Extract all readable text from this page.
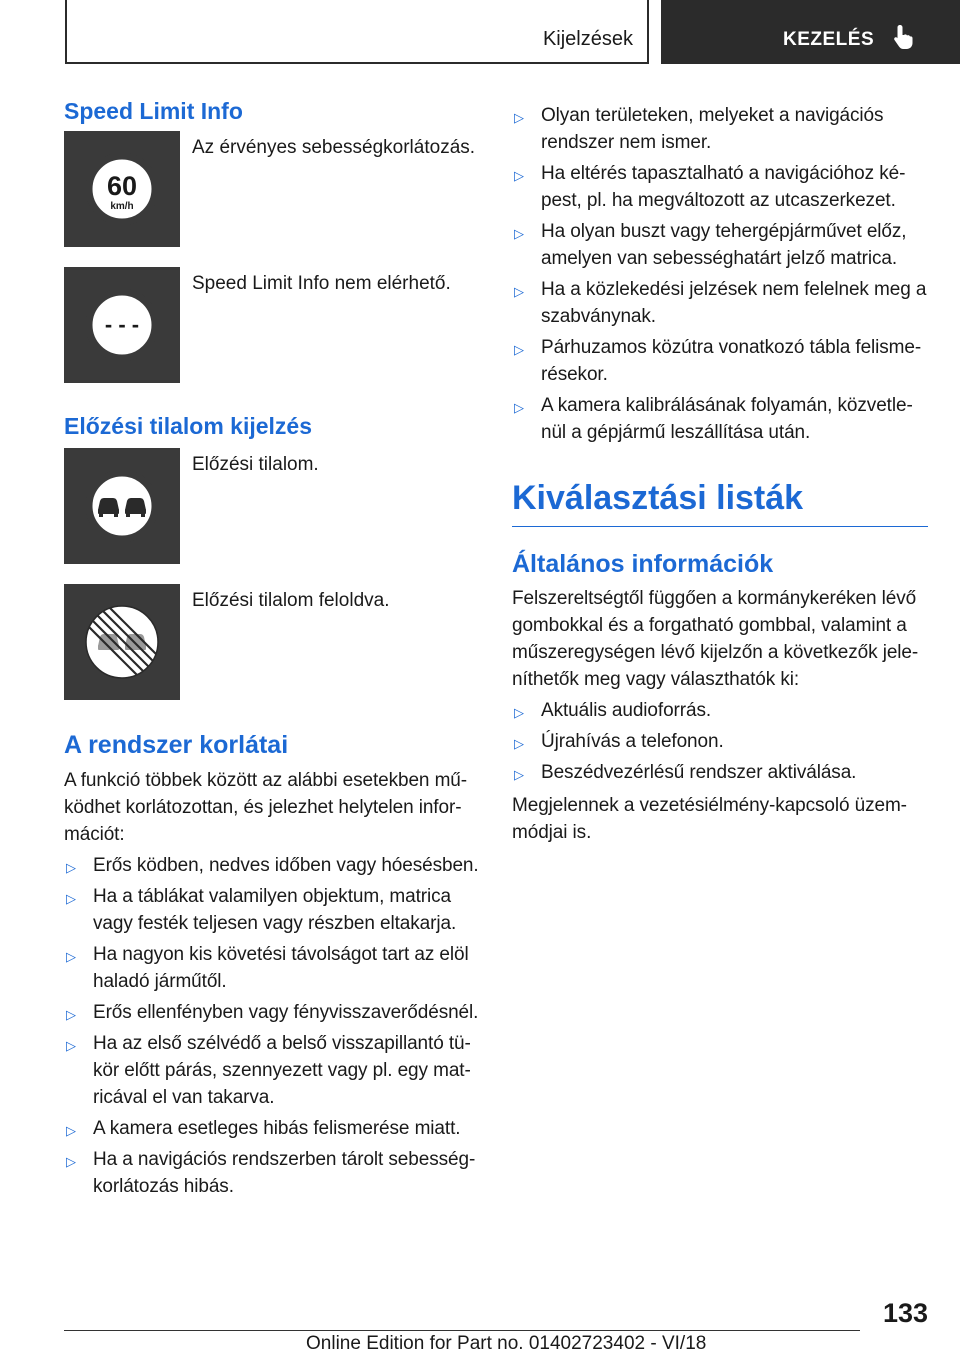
Kijelzések	KEZELÉS
Speed Limit Info
60
km/h
Az érvényes sebességkorlátozás.
- - -
Speed Limit Info nem elérhető.
Előzési tilalom kijelzés
Előzési tilalom.
Előzési tilalom feloldva.
A rendszer korlátai

A funkció többek között az alábbi esetekben működhet korlátozottan, és jelezhet helytelen információt:

▷ Erős ködben, nedves időben vagy hóesésben.
▷ Ha a táblákat valamilyen objektum, matrica vagy festék teljesen vagy részben eltakarja.
▷ Ha nagyon kis követési távolságot tart az elöl haladó járműtől.
▷ Erős ellenfényben vagy fényvisszaverődésnél.
▷ Ha az első szélvédő a belső visszapillantó tükör előtt párás, szennyezett vagy pl. egy matricával el van takarva.
▷ A kamera esetleges hibás felismerése miatt.
▷ Ha a navigációs rendszerben tárolt sebességkorlátozás hibás.
▷ Olyan területeken, melyeket a navigációs rendszer nem ismer.
▷ Ha eltérés tapasztalható a navigációhoz képest, pl. ha megváltozott az utcaszerkezet.
▷ Ha olyan buszt vagy tehergépjárművet előz, amelyen van sebességhatárt jelző matrica.
▷ Ha a közlekedési jelzések nem felelnek meg a szabványnak.
▷ Párhuzamos közútra vonatkozó tábla felismerésekor.
▷ A kamera kalibrálásának folyamán, közvetlenül a gépjármű leszállítása után.
Kiválasztási listák
Általános információk

Felszereltségtől függően a kormánykeréken lévő gombokkal és a forgatható gombbal, valamint a műszeregységen lévő kijelzőn a következők jeleníthetők meg vagy választhatók ki:

▷ Aktuális audioforrás.
▷ Újrahívás a telefonon.
▷ Beszédvezérlésű rendszer aktiválása.

Megjelennek a vezetésiélmény-kapcsoló üzemmódjai is.

133
Online Edition for Part no. 01402723402 - VI/18
